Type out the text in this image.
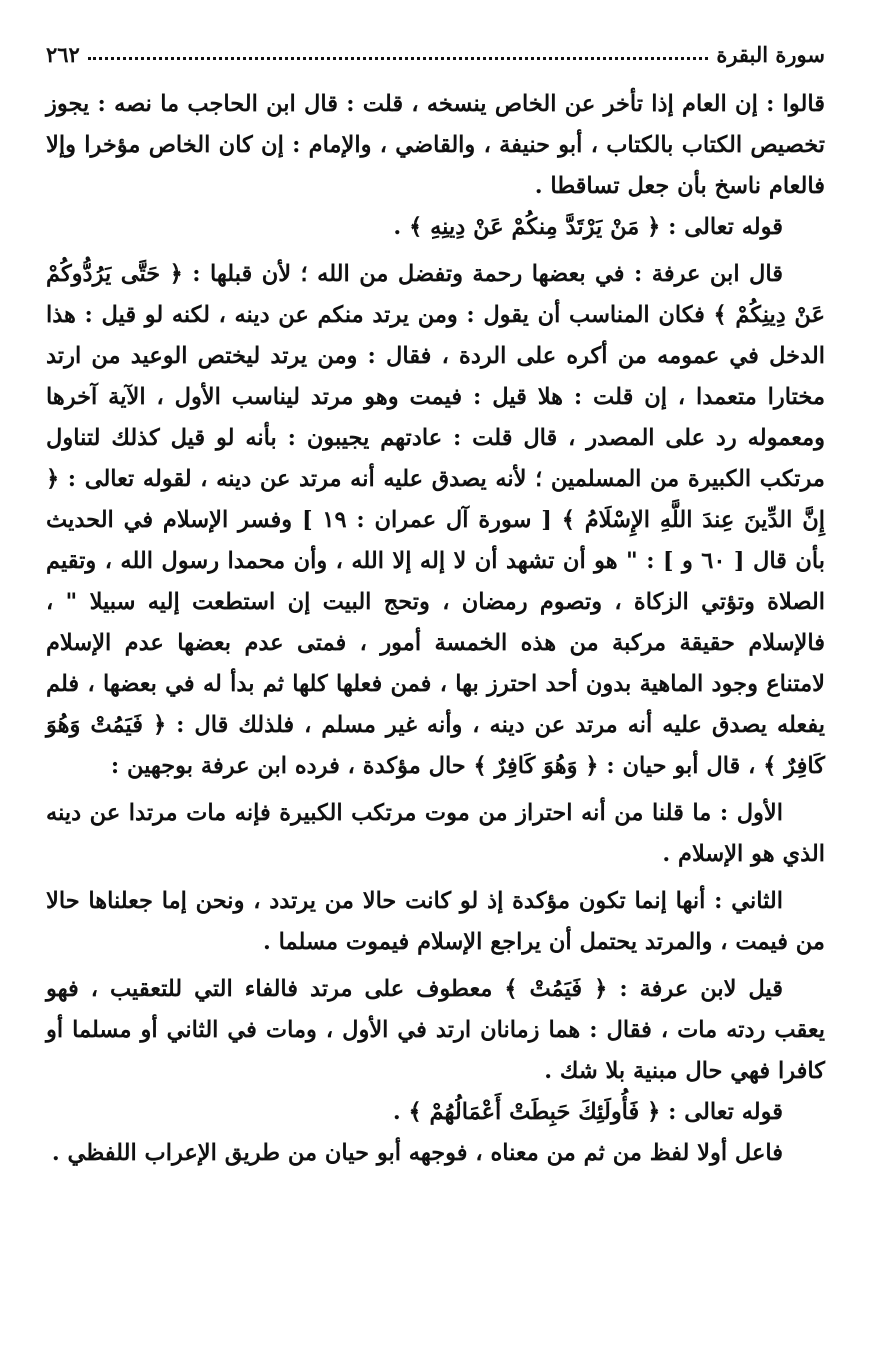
سورة البقرة
٢٦٢

قالوا : إن العام إذا تأخر عن الخاص ينسخه ، قلت : قال ابن الحاجب ما نصه : يجوز تخصيص الكتاب بالكتاب ، أبو حنيفة ، والقاضي ، والإمام : إن كان الخاص مؤخرا وإلا فالعام ناسخ بأن جعل تساقطا .

قوله تعالى : ﴿ مَنْ يَرْتَدَّ مِنكُمْ عَنْ دِينِهِ ﴾ .

قال ابن عرفة : في بعضها رحمة وتفضل من الله ؛ لأن قبلها : ﴿ حَتَّى يَرُدُّوكُمْ عَنْ دِينِكُمْ ﴾ فكان المناسب أن يقول : ومن يرتد منكم عن دينه ، لكنه لو قيل : هذا الدخل في عمومه من أكره على الردة ، فقال : ومن يرتد ليختص الوعيد من ارتد مختارا متعمدا ، إن قلت : هلا قيل : فيمت وهو مرتد ليناسب الأول ، الآية آخرها ومعموله رد على المصدر ، قال قلت : عادتهم يجيبون : بأنه لو قيل كذلك لتناول مرتكب الكبيرة من المسلمين ؛ لأنه يصدق عليه أنه مرتد عن دينه ، لقوله تعالى : ﴿ إِنَّ الدِّينَ عِندَ اللَّهِ الإِسْلَامُ ﴾ [ سورة آل عمران : ١٩ ] وفسر الإسلام في الحديث بأن قال [ ٦٠ و ] : " هو أن تشهد أن لا إله إلا الله ، وأن محمدا رسول الله ، وتقيم الصلاة وتؤتي الزكاة ، وتصوم رمضان ، وتحج البيت إن استطعت إليه سبيلا " ، فالإسلام حقيقة مركبة من هذه الخمسة أمور ، فمتى عدم بعضها عدم الإسلام لامتناع وجود الماهية بدون أحد احترز بها ، فمن فعلها كلها ثم بدأ له في بعضها ، فلم يفعله يصدق عليه أنه مرتد عن دينه ، وأنه غير مسلم ، فلذلك قال : ﴿ فَيَمُتْ وَهُوَ كَافِرٌ ﴾ ، قال أبو حيان : ﴿ وَهُوَ كَافِرٌ ﴾ حال مؤكدة ، فرده ابن عرفة بوجهين :

الأول : ما قلنا من أنه احتراز من موت مرتكب الكبيرة فإنه مات مرتدا عن دينه الذي هو الإسلام .

الثاني : أنها إنما تكون مؤكدة إذ لو كانت حالا من يرتدد ، ونحن إما جعلناها حالا من فيمت ، والمرتد يحتمل أن يراجع الإسلام فيموت مسلما .

قيل لابن عرفة : ﴿ فَيَمُتْ ﴾ معطوف على مرتد فالفاء التي للتعقيب ، فهو يعقب ردته مات ، فقال : هما زمانان ارتد في الأول ، ومات في الثاني أو مسلما أو كافرا فهي حال مبنية بلا شك .

قوله تعالى : ﴿ فَأُولَئِكَ حَبِطَتْ أَعْمَالُهُمْ ﴾ .

فاعل أولا لفظ من ثم من معناه ، فوجهه أبو حيان من طريق الإعراب اللفظي .
